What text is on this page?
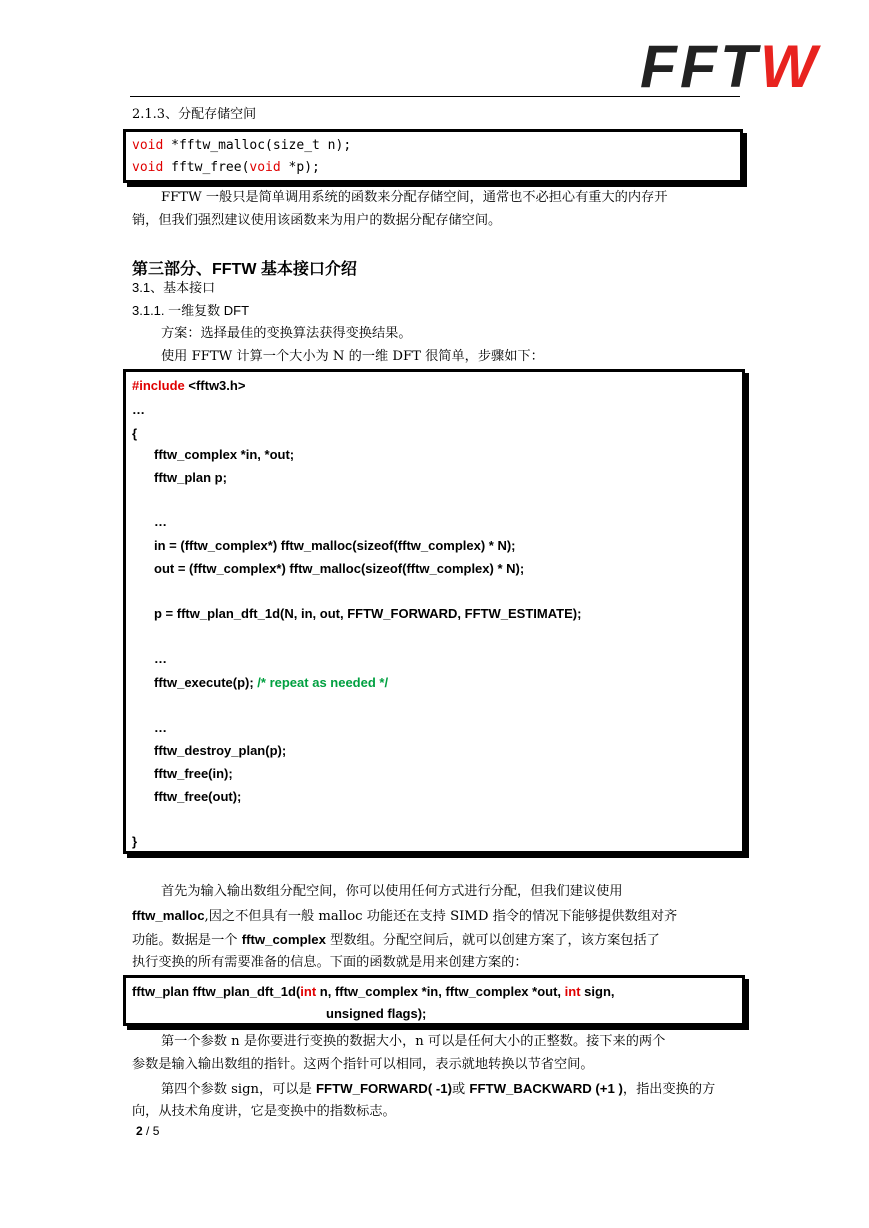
F F T W
2.1.3、分配存储空间
void *fftw_malloc(size_t n);
void fftw_free(void *p);
FFTW 一般只是简单调用系统的函数来分配存储空间，通常也不必担心有重大的内存开
销，但我们强烈建议使用该函数来为用户的数据分配存储空间。
第三部分、FFTW 基本接口介绍
3.1、基本接口
3.1.1. 一维复数 DFT
方案：选择最佳的变换算法获得变换结果。
使用 FFTW 计算一个大小为 N 的一维 DFT 很简单，步骤如下：
#include <fftw3.h>
…
{
fftw_complex *in, *out;
fftw_plan p;
…
in = (fftw_complex*) fftw_malloc(sizeof(fftw_complex) * N);
out = (fftw_complex*) fftw_malloc(sizeof(fftw_complex) * N);
p = fftw_plan_dft_1d(N, in, out, FFTW_FORWARD, FFTW_ESTIMATE);
…
fftw_execute(p); /* repeat as needed */
…
fftw_destroy_plan(p);
fftw_free(in);
fftw_free(out);
}
首先为输入输出数组分配空间，你可以使用任何方式进行分配，但我们建议使用
fftw_malloc,因之不但具有一般 malloc 功能还在支持 SIMD 指令的情况下能够提供数组对齐
功能。数据是一个 fftw_complex 型数组。分配空间后，就可以创建方案了，该方案包括了
执行变换的所有需要准备的信息。下面的函数就是用来创建方案的：
fftw_plan fftw_plan_dft_1d(int n, fftw_complex *in, fftw_complex *out, int sign,
unsigned flags);
第一个参数 n 是你要进行变换的数据大小，n 可以是任何大小的正整数。接下来的两个
参数是输入输出数组的指针。这两个指针可以相同，表示就地转换以节省空间。
第四个参数 sign，可以是 FFTW_FORWARD( -1)或 FFTW_BACKWARD (+1 )，指出变换的方
向，从技术角度讲，它是变换中的指数标志。
2 / 5
